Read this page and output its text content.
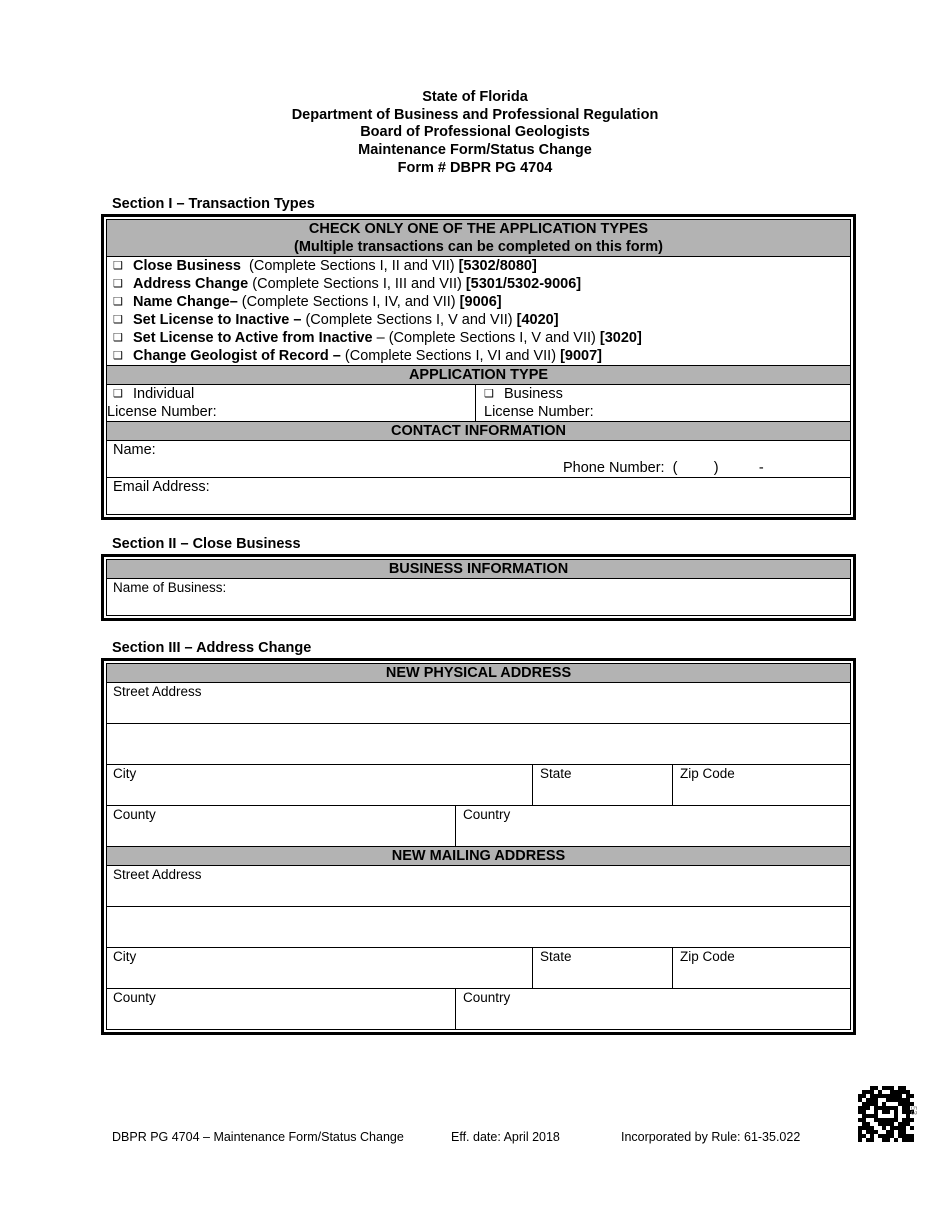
State of Florida
Department of Business and Professional Regulation
Board of Professional Geologists
Maintenance Form/Status Change
Form # DBPR PG 4704
Section I – Transaction Types
CHECK ONLY ONE OF THE APPLICATION TYPES
(Multiple transactions can be completed on this form)
❑ Close Business  (Complete Sections I, II and VII) [5302/8080]
❑ Address Change (Complete Sections I, III and VII) [5301/5302-9006]
❑ Name Change– (Complete Sections I, IV, and VII) [9006]
❑ Set License to Inactive – (Complete Sections I, V and VII) [4020]
❑ Set License to Active from Inactive – (Complete Sections I, V and VII) [3020]
❑ Change Geologist of Record – (Complete Sections I, VI and VII) [9007]
APPLICATION TYPE
❑ Individual
License Number:
❑ Business
License Number:
CONTACT INFORMATION
Name:
Phone Number:  (         )          -
Email Address:
Section II – Close Business
BUSINESS INFORMATION
Name of Business:
Section III – Address Change
NEW PHYSICAL ADDRESS
Street Address
City	State	Zip Code
County	Country
NEW MAILING ADDRESS
Street Address
City	State	Zip Code
County	Country
DBPR PG 4704 – Maintenance Form/Status Change	Eff. date: April 2018	Incorporated by Rule: 61-35.022
53
